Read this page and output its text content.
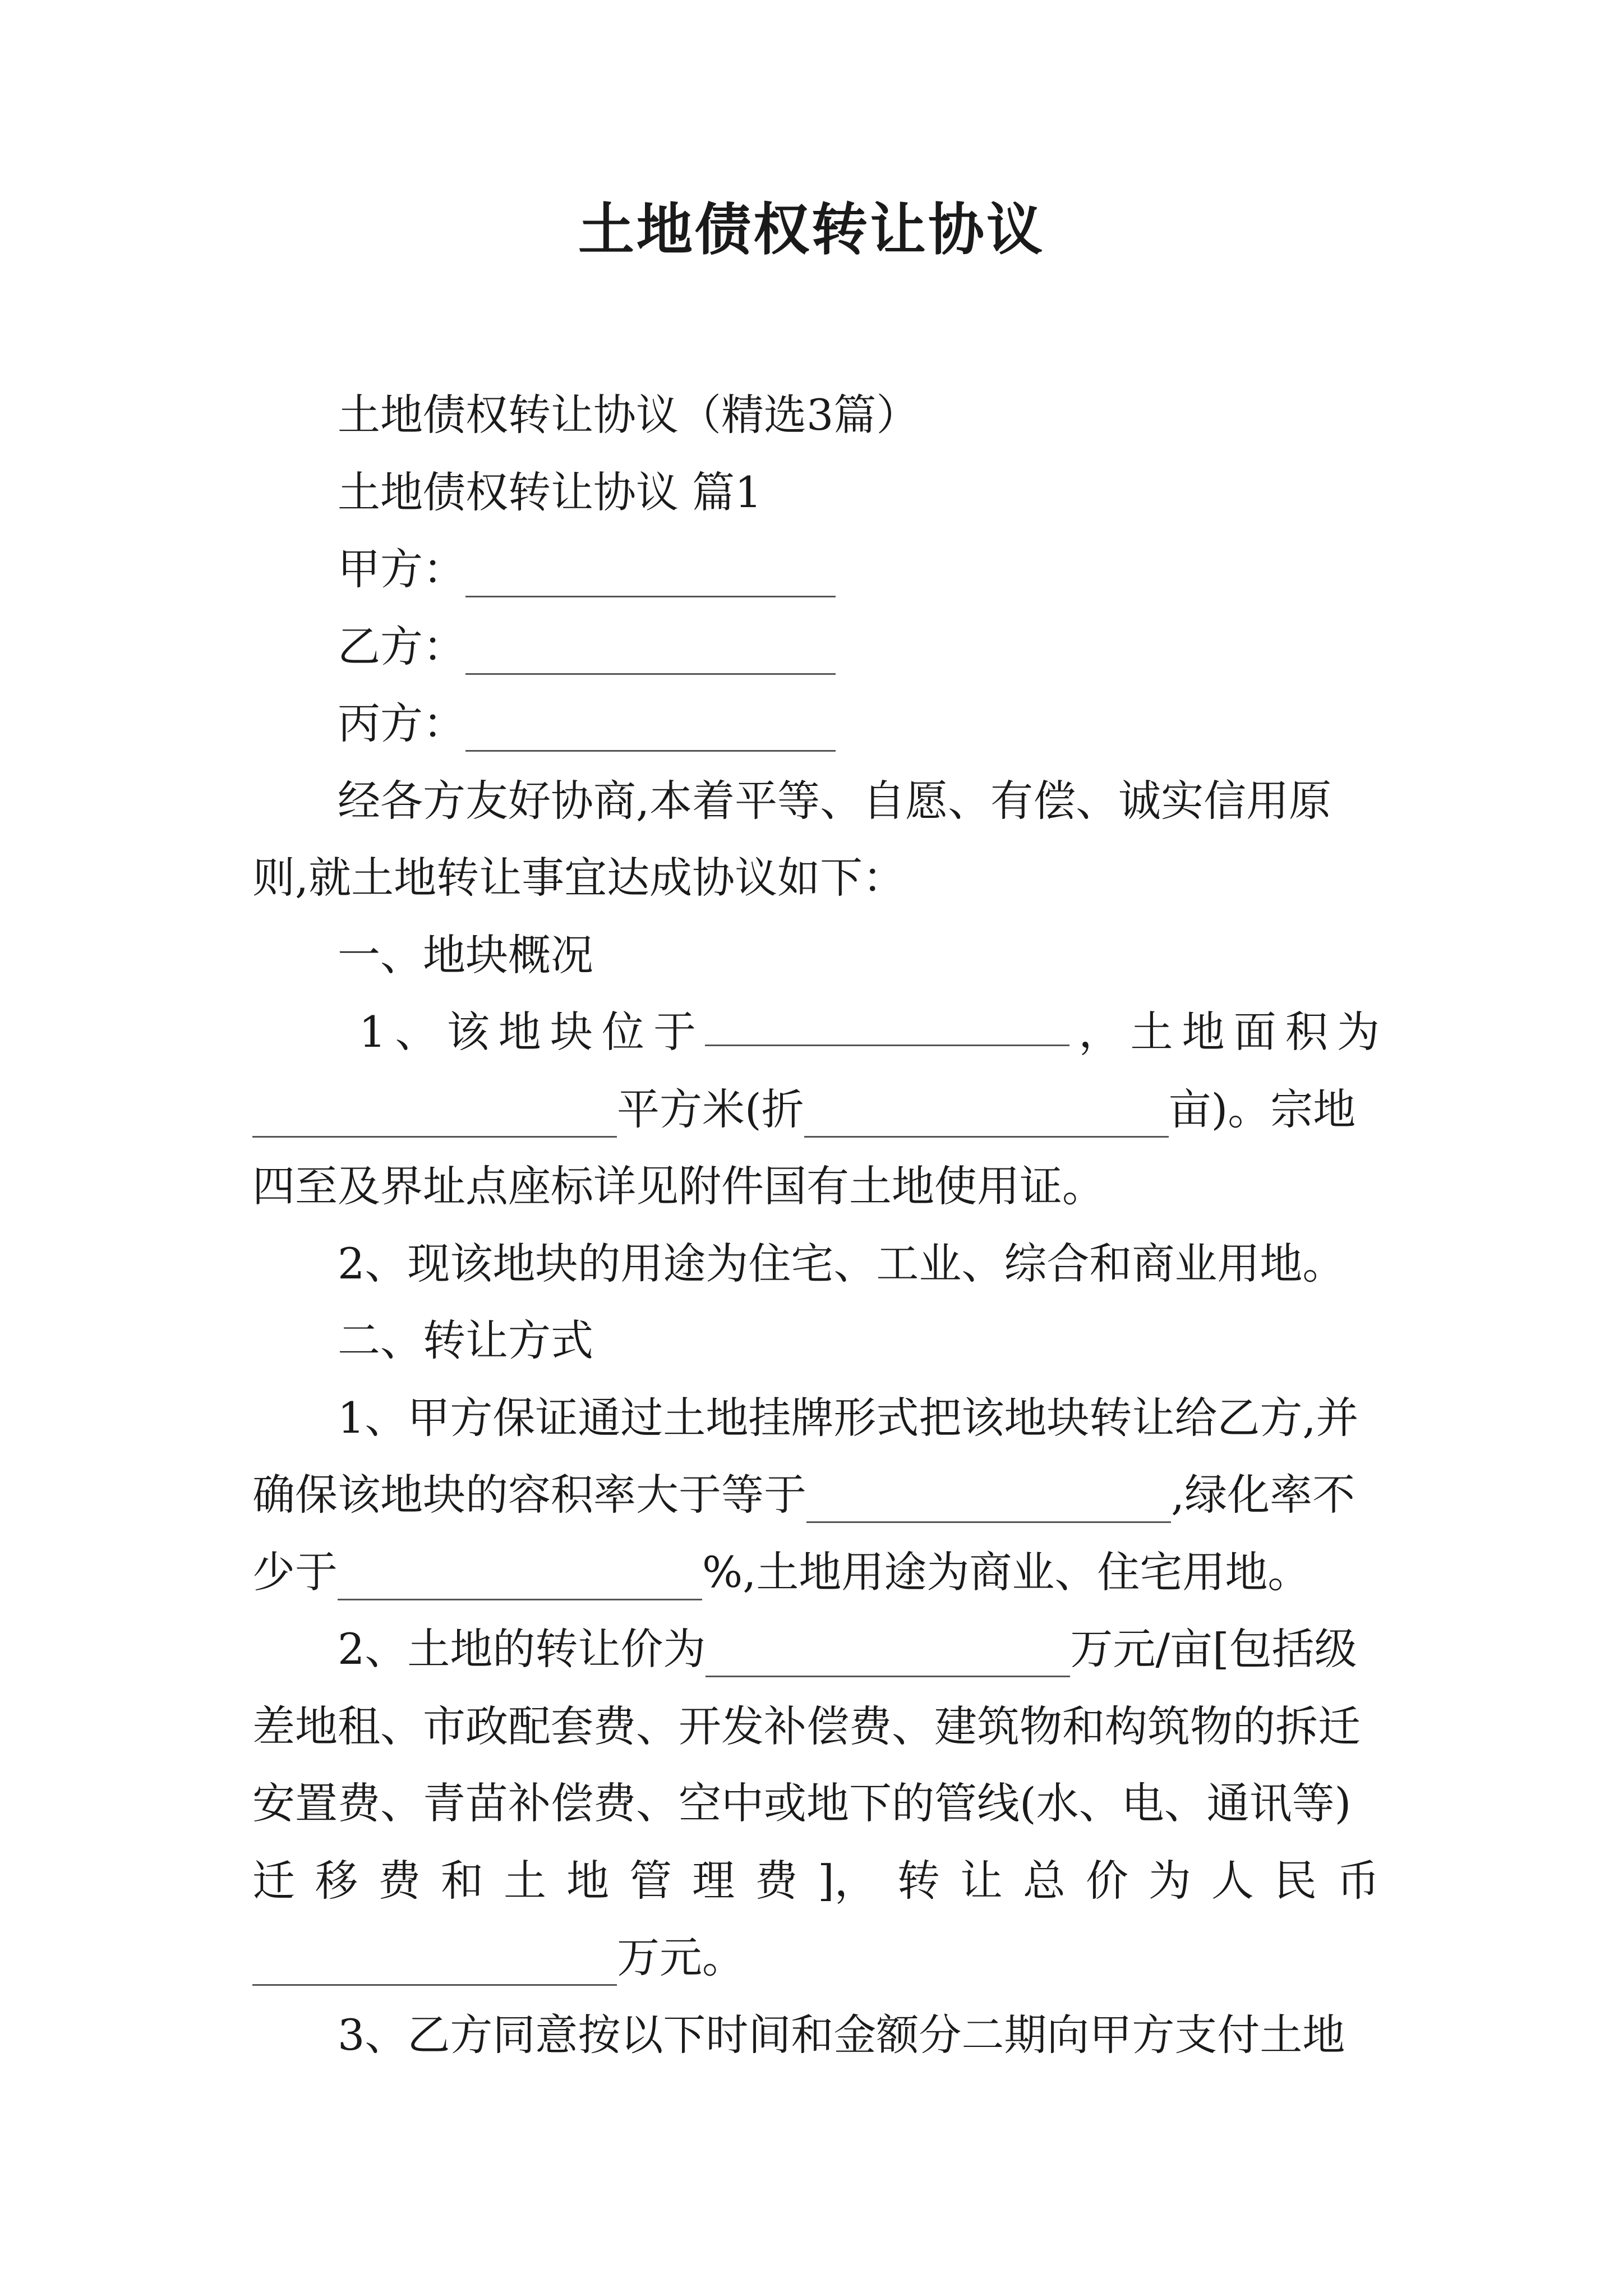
土地债权转让协议
土地债权转让协议（精选3篇）
土地债权转让协议 篇1
甲方：
乙方：
丙方：
经各方友好协商,本着平等、自愿、有偿、诚实信用原
则,就土地转让事宜达成协议如下：
一、地块概况
1 、 该 地 块 位 于	， 土 地 面 积 为
平方米(折	亩)。宗地
四至及界址点座标详见附件国有土地使用证。
2、现该地块的用途为住宅、工业、综合和商业用地。
二、转让方式
1、甲方保证通过土地挂牌形式把该地块转让给乙方,并
确保该地块的容积率大于等于	,绿化率不
少于	%,土地用途为商业、住宅用地。
2、土地的转让价为	万元/亩[包括级
差地租、市政配套费、开发补偿费、建筑物和构筑物的拆迁
安置费、青苗补偿费、空中或地下的管线(水、电、通讯等)
迁 移 费 和 土 地 管 理 费 ]， 转 让 总 价 为 人 民 币
万元。
3、乙方同意按以下时间和金额分二期向甲方支付土地
